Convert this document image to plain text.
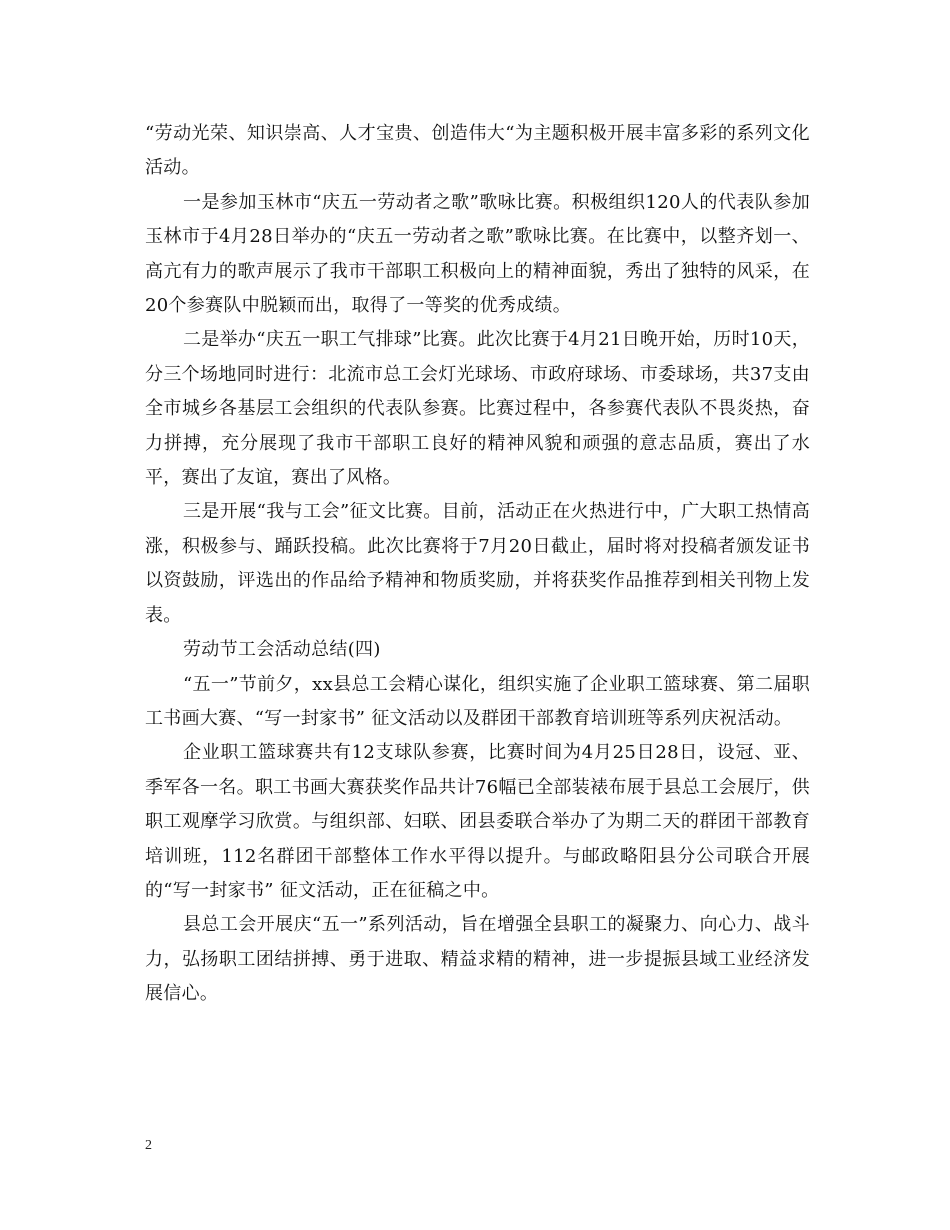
“劳动光荣、知识崇高、人才宝贵、创造伟大“为主题积极开展丰富多彩的系列文化活动。

一是参加玉林市“庆五一劳动者之歌”歌咏比赛。积极组织120人的代表队参加玉林市于4月28日举办的“庆五一劳动者之歌”歌咏比赛。在比赛中，以整齐划一、高亢有力的歌声展示了我市干部职工积极向上的精神面貌，秀出了独特的风采，在20个参赛队中脱颖而出，取得了一等奖的优秀成绩。

二是举办“庆五一职工气排球”比赛。此次比赛于4月21日晚开始，历时10天，分三个场地同时进行：北流市总工会灯光球场、市政府球场、市委球场，共37支由全市城乡各基层工会组织的代表队参赛。比赛过程中，各参赛代表队不畏炎热，奋力拼搏，充分展现了我市干部职工良好的精神风貌和顽强的意志品质，赛出了水平，赛出了友谊，赛出了风格。

三是开展“我与工会”征文比赛。目前，活动正在火热进行中，广大职工热情高涨，积极参与、踊跃投稿。此次比赛将于7月20日截止，届时将对投稿者颁发证书以资鼓励，评选出的作品给予精神和物质奖励，并将获奖作品推荐到相关刊物上发表。

劳动节工会活动总结(四)

“五一”节前夕，xx县总工会精心谋化，组织实施了企业职工篮球赛、第二届职工书画大赛、“写一封家书” 征文活动以及群团干部教育培训班等系列庆祝活动。

企业职工篮球赛共有12支球队参赛，比赛时间为4月25日28日，设冠、亚、季军各一名。职工书画大赛获奖作品共计76幅已全部装裱布展于县总工会展厅，供职工观摩学习欣赏。与组织部、妇联、团县委联合举办了为期二天的群团干部教育培训班，112名群团干部整体工作水平得以提升。与邮政略阳县分公司联合开展的“写一封家书” 征文活动，正在征稿之中。

县总工会开展庆“五一”系列活动，旨在增强全县职工的凝聚力、向心力、战斗力，弘扬职工团结拼搏、勇于进取、精益求精的精神，进一步提振县域工业经济发展信心。

2
